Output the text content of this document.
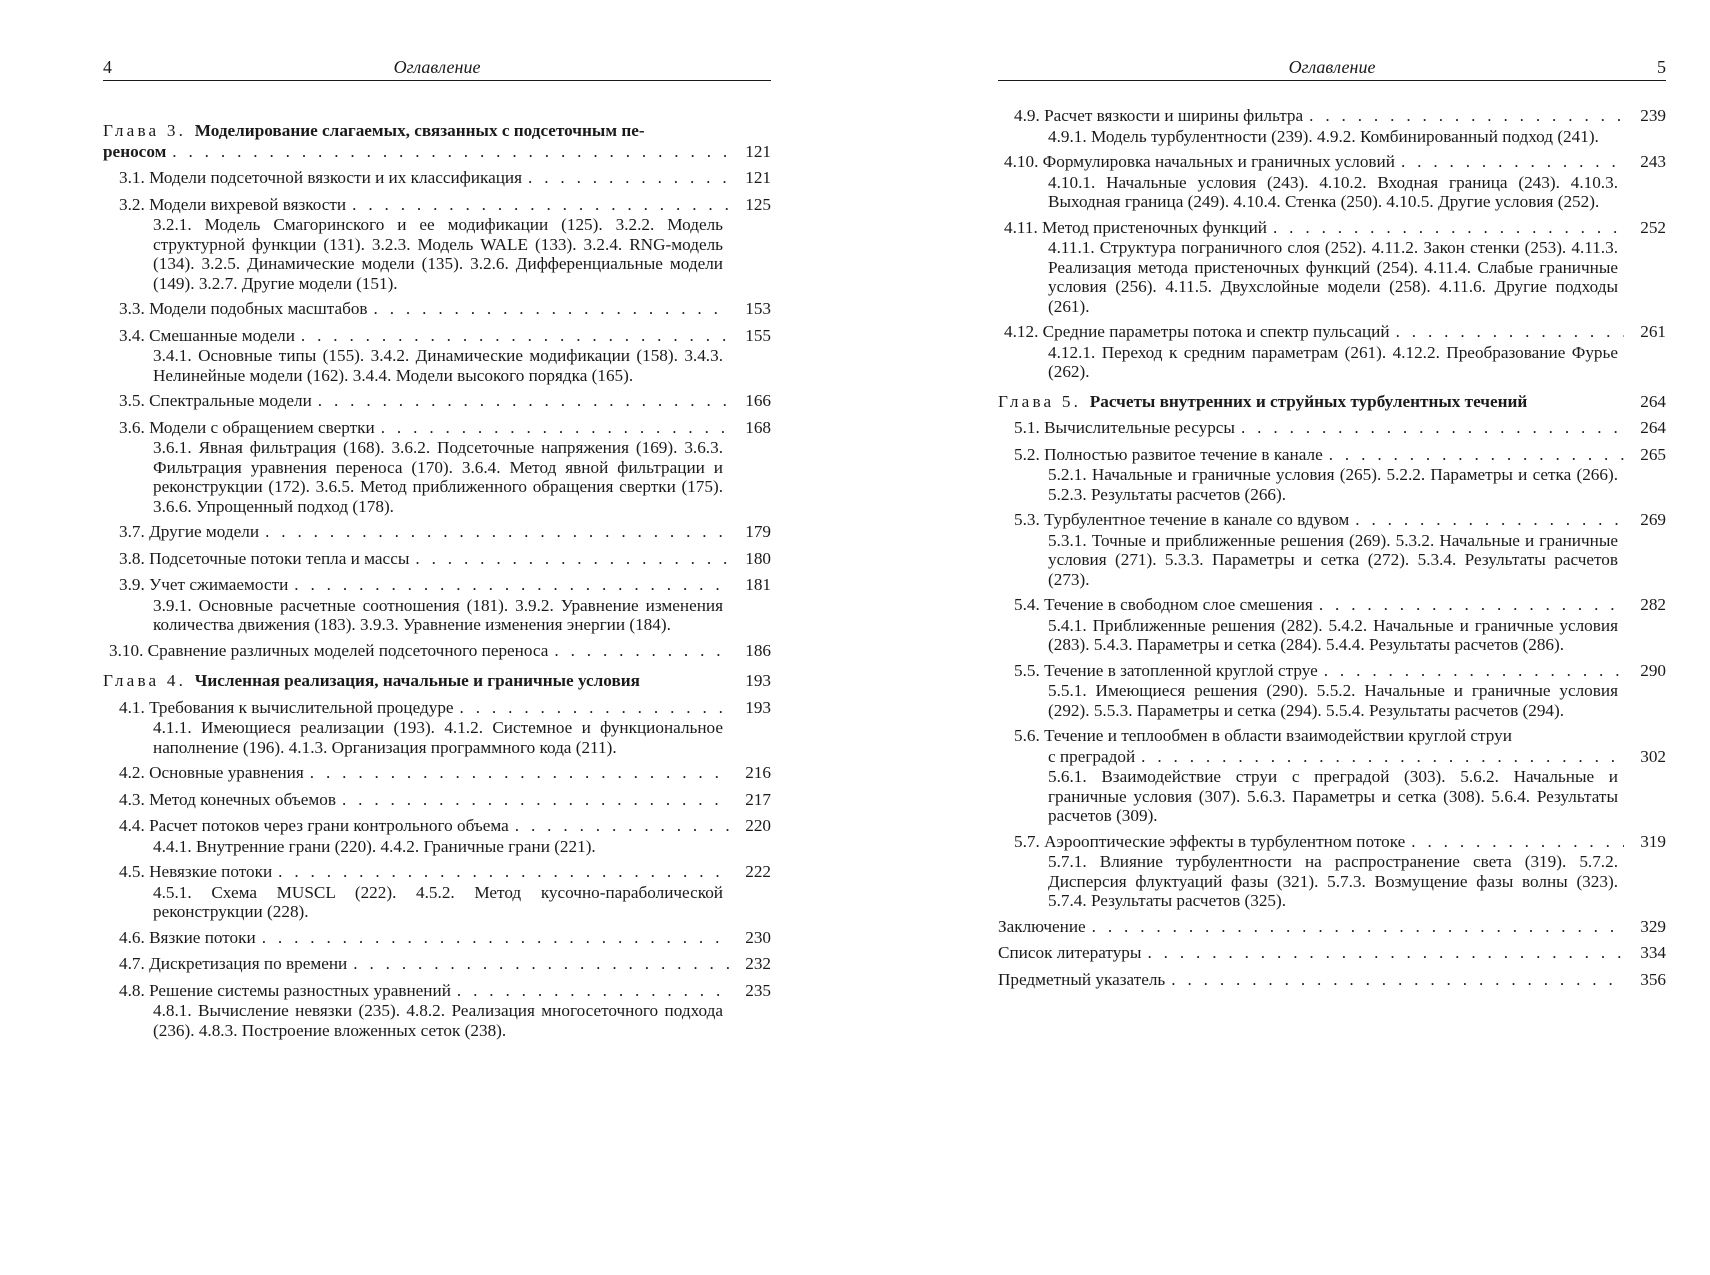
4	Оглавление
Глава 3. Моделирование слагаемых, связанных с подсеточным пе-
реносом . . .	121
3.1. Модели подсеточной вязкости и их классификация . . .	121
3.2. Модели вихревой вязкости . . .	125
3.2.1. Модель Смагоринского и ее модификации (125). 3.2.2. Модель структурной функции (131). 3.2.3. Модель WALE (133). 3.2.4. RNG-модель (134). 3.2.5. Динамические модели (135). 3.2.6. Дифференциальные модели (149). 3.2.7. Другие модели (151).
3.3. Модели подобных масштабов . . .	153
3.4. Смешанные модели . . .	155
3.4.1. Основные типы (155). 3.4.2. Динамические модификации (158). 3.4.3. Нелинейные модели (162). 3.4.4. Модели высокого порядка (165).
3.5. Спектральные модели . . .	166
3.6. Модели с обращением свертки . . .	168
3.6.1. Явная фильтрация (168). 3.6.2. Подсеточные напряжения (169). 3.6.3. Фильтрация уравнения переноса (170). 3.6.4. Метод явной фильтрации и реконструкции (172). 3.6.5. Метод приближенного обращения свертки (175). 3.6.6. Упрощенный подход (178).
3.7. Другие модели . . .	179
3.8. Подсеточные потоки тепла и массы . . .	180
3.9. Учет сжимаемости . . .	181
3.9.1. Основные расчетные соотношения (181). 3.9.2. Уравнение изменения количества движения (183). 3.9.3. Уравнение изменения энергии (184).
3.10. Сравнение различных моделей подсеточного переноса . . .	186
Глава 4. Численная реализация, начальные и граничные условия	193
4.1. Требования к вычислительной процедуре . . .	193
4.1.1. Имеющиеся реализации (193). 4.1.2. Системное и функциональное наполнение (196). 4.1.3. Организация программного кода (211).
4.2. Основные уравнения . . .	216
4.3. Метод конечных объемов . . .	217
4.4. Расчет потоков через грани контрольного объема . . .	220
4.4.1. Внутренние грани (220). 4.4.2. Граничные грани (221).
4.5. Невязкие потоки . . .	222
4.5.1. Схема MUSCL (222). 4.5.2. Метод кусочно-параболической реконструкции (228).
4.6. Вязкие потоки . . .	230
4.7. Дискретизация по времени . . .	232
4.8. Решение системы разностных уравнений . . .	235
4.8.1. Вычисление невязки (235). 4.8.2. Реализация многосеточного подхода (236). 4.8.3. Построение вложенных сеток (238).
Оглавление	5
4.9. Расчет вязкости и ширины фильтра . . .	239
4.9.1. Модель турбулентности (239). 4.9.2. Комбинированный подход (241).
4.10. Формулировка начальных и граничных условий . . .	243
4.10.1. Начальные условия (243). 4.10.2. Входная граница (243). 4.10.3. Выходная граница (249). 4.10.4. Стенка (250). 4.10.5. Другие условия (252).
4.11. Метод пристеночных функций . . .	252
4.11.1. Структура пограничного слоя (252). 4.11.2. Закон стенки (253). 4.11.3. Реализация метода пристеночных функций (254). 4.11.4. Слабые граничные условия (256). 4.11.5. Двухслойные модели (258). 4.11.6. Другие подходы (261).
4.12. Средние параметры потока и спектр пульсаций . . .	261
4.12.1. Переход к средним параметрам (261). 4.12.2. Преобразование Фурье (262).
Глава 5. Расчеты внутренних и струйных турбулентных течений	264
5.1. Вычислительные ресурсы . . .	264
5.2. Полностью развитое течение в канале . . .	265
5.2.1. Начальные и граничные условия (265). 5.2.2. Параметры и сетка (266). 5.2.3. Результаты расчетов (266).
5.3. Турбулентное течение в канале со вдувом . . .	269
5.3.1. Точные и приближенные решения (269). 5.3.2. Начальные и граничные условия (271). 5.3.3. Параметры и сетка (272). 5.3.4. Результаты расчетов (273).
5.4. Течение в свободном слое смешения . . .	282
5.4.1. Приближенные решения (282). 5.4.2. Начальные и граничные условия (283). 5.4.3. Параметры и сетка (284). 5.4.4. Результаты расчетов (286).
5.5. Течение в затопленной круглой струе . . .	290
5.5.1. Имеющиеся решения (290). 5.5.2. Начальные и граничные условия (292). 5.5.3. Параметры и сетка (294). 5.5.4. Результаты расчетов (294).
5.6. Течение и теплообмен в области взаимодействии круглой струи
с преградой . . .	302
5.6.1. Взаимодействие струи с преградой (303). 5.6.2. Начальные и граничные условия (307). 5.6.3. Параметры и сетка (308). 5.6.4. Результаты расчетов (309).
5.7. Аэрооптические эффекты в турбулентном потоке . . .	319
5.7.1. Влияние турбулентности на распространение света (319). 5.7.2. Дисперсия флуктуаций фазы (321). 5.7.3. Возмущение фазы волны (323). 5.7.4. Результаты расчетов (325).
Заключение . . .	329
Список литературы . . .	334
Предметный указатель . . .	356
